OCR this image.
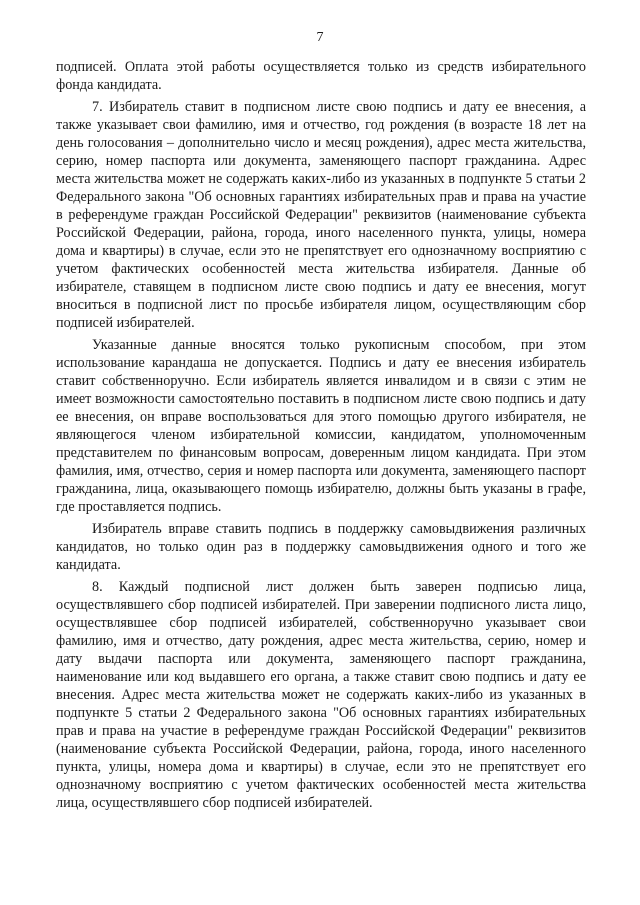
7

подписей. Оплата этой работы осуществляется только из средств избирательного фонда кандидата.

7. Избиратель ставит в подписном листе свою подпись и дату ее внесения, а также указывает свои фамилию, имя и отчество, год рождения (в возрасте 18 лет на день голосования – дополнительно число и месяц рождения), адрес места жительства, серию, номер паспорта или документа, заменяющего паспорт гражданина. Адрес места жительства может не содержать каких-либо из указанных в подпункте 5 статьи 2 Федерального закона "Об основных гарантиях избирательных прав и права на участие в референдуме граждан Российской Федерации" реквизитов (наименование субъекта Российской Федерации, района, города, иного населенного пункта, улицы, номера дома и квартиры) в случае, если это не препятствует его однозначному восприятию с учетом фактических особенностей места жительства избирателя. Данные об избирателе, ставящем в подписном листе свою подпись и дату ее внесения, могут вноситься в подписной лист по просьбе избирателя лицом, осуществляющим сбор подписей избирателей.

Указанные данные вносятся только рукописным способом, при этом использование карандаша не допускается. Подпись и дату ее внесения избиратель ставит собственноручно. Если избиратель является инвалидом и в связи с этим не имеет возможности самостоятельно поставить в подписном листе свою подпись и дату ее внесения, он вправе воспользоваться для этого помощью другого избирателя, не являющегося членом избирательной комиссии, кандидатом, уполномоченным представителем по финансовым вопросам, доверенным лицом кандидата. При этом фамилия, имя, отчество, серия и номер паспорта или документа, заменяющего паспорт гражданина, лица, оказывающего помощь избирателю, должны быть указаны в графе, где проставляется подпись.

Избиратель вправе ставить подпись в поддержку самовыдвижения различных кандидатов, но только один раз в поддержку самовыдвижения одного и того же кандидата.

8. Каждый подписной лист должен быть заверен подписью лица, осуществлявшего сбор подписей избирателей. При заверении подписного листа лицо, осуществлявшее сбор подписей избирателей, собственноручно указывает свои фамилию, имя и отчество, дату рождения, адрес места жительства, серию, номер и дату выдачи паспорта или документа, заменяющего паспорт гражданина, наименование или код выдавшего его органа, а также ставит свою подпись и дату ее внесения. Адрес места жительства может не содержать каких-либо из указанных в подпункте 5 статьи 2 Федерального закона "Об основных гарантиях избирательных прав и права на участие в референдуме граждан Российской Федерации" реквизитов (наименование субъекта Российской Федерации, района, города, иного населенного пункта, улицы, номера дома и квартиры) в случае, если это не препятствует его однозначному восприятию с учетом фактических особенностей места жительства лица, осуществлявшего сбор подписей избирателей.
